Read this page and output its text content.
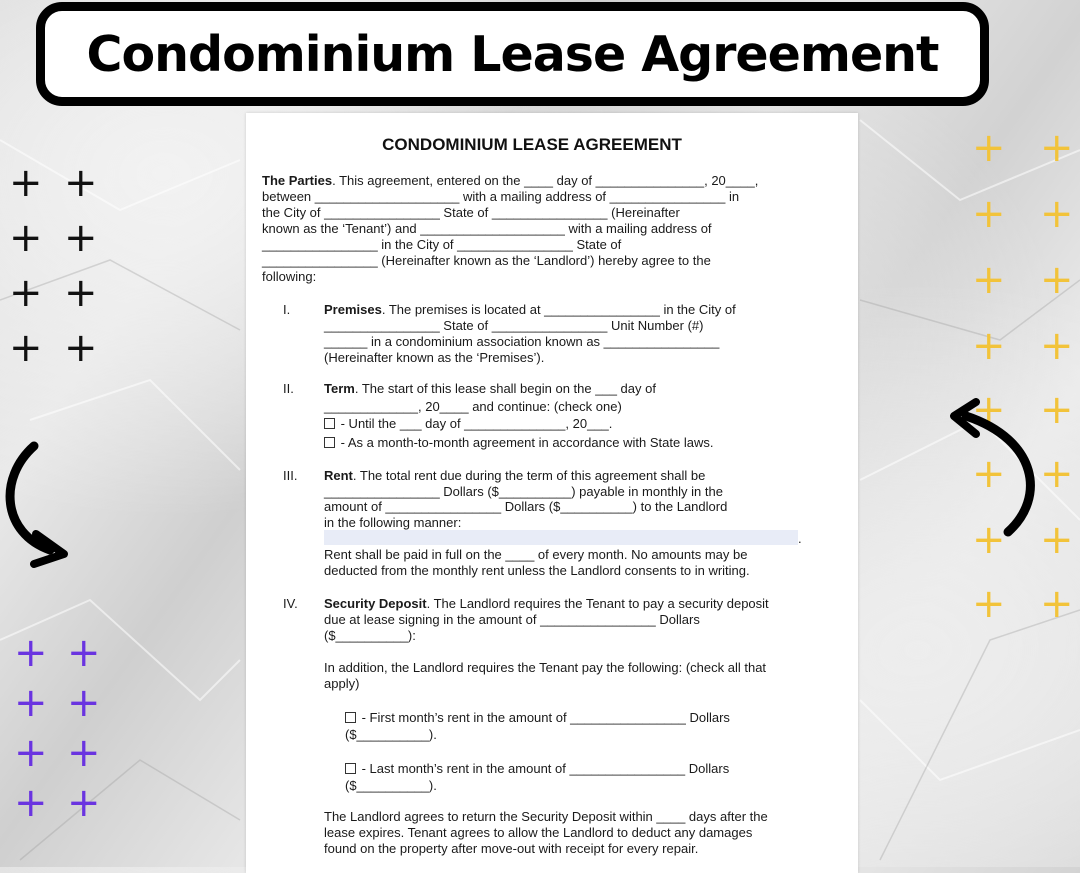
Condominium Lease Agreement
+ +
+ +
+ +
+ +
+ +
+ +
+ +
+ +
+ +
+ +
+ +
+ +
+ +
+ +
+ +
+ +
CONDOMINIUM LEASE AGREEMENT
The Parties. This agreement, entered on the ____ day of _______________, 20____,
between ____________________ with a mailing address of ________________ in
the City of ________________ State of ________________ (Hereinafter
known as the ‘Tenant’) and ____________________ with a mailing address of
________________ in the City of ________________ State of
________________ (Hereinafter known as the ‘Landlord’) hereby agree to the
following:
I.	Premises. The premises is located at ________________ in the City of
________________ State of ________________ Unit Number (#)
______ in a condominium association known as ________________
(Hereinafter known as the ‘Premises’).
II. Term. The start of this lease shall begin on the ___ day of
_____________, 20____ and continue: (check one)
- Until the ___ day of ______________, 20___.
- As a month-to-month agreement in accordance with State laws.
III. Rent. The total rent due during the term of this agreement shall be
________________ Dollars ($__________) payable in monthly in the
amount of ________________ Dollars ($__________) to the Landlord
in the following manner:
.
Rent shall be paid in full on the ____ of every month. No amounts may be
deducted from the monthly rent unless the Landlord consents to in writing.
IV. Security Deposit. The Landlord requires the Tenant to pay a security deposit
due at lease signing in the amount of ________________ Dollars
($__________):
In addition, the Landlord requires the Tenant pay the following: (check all that
apply)
- First month’s rent in the amount of ________________ Dollars
($__________).
- Last month’s rent in the amount of ________________ Dollars
($__________).
The Landlord agrees to return the Security Deposit within ____ days after the
lease expires. Tenant agrees to allow the Landlord to deduct any damages
found on the property after move-out with receipt for every repair.
